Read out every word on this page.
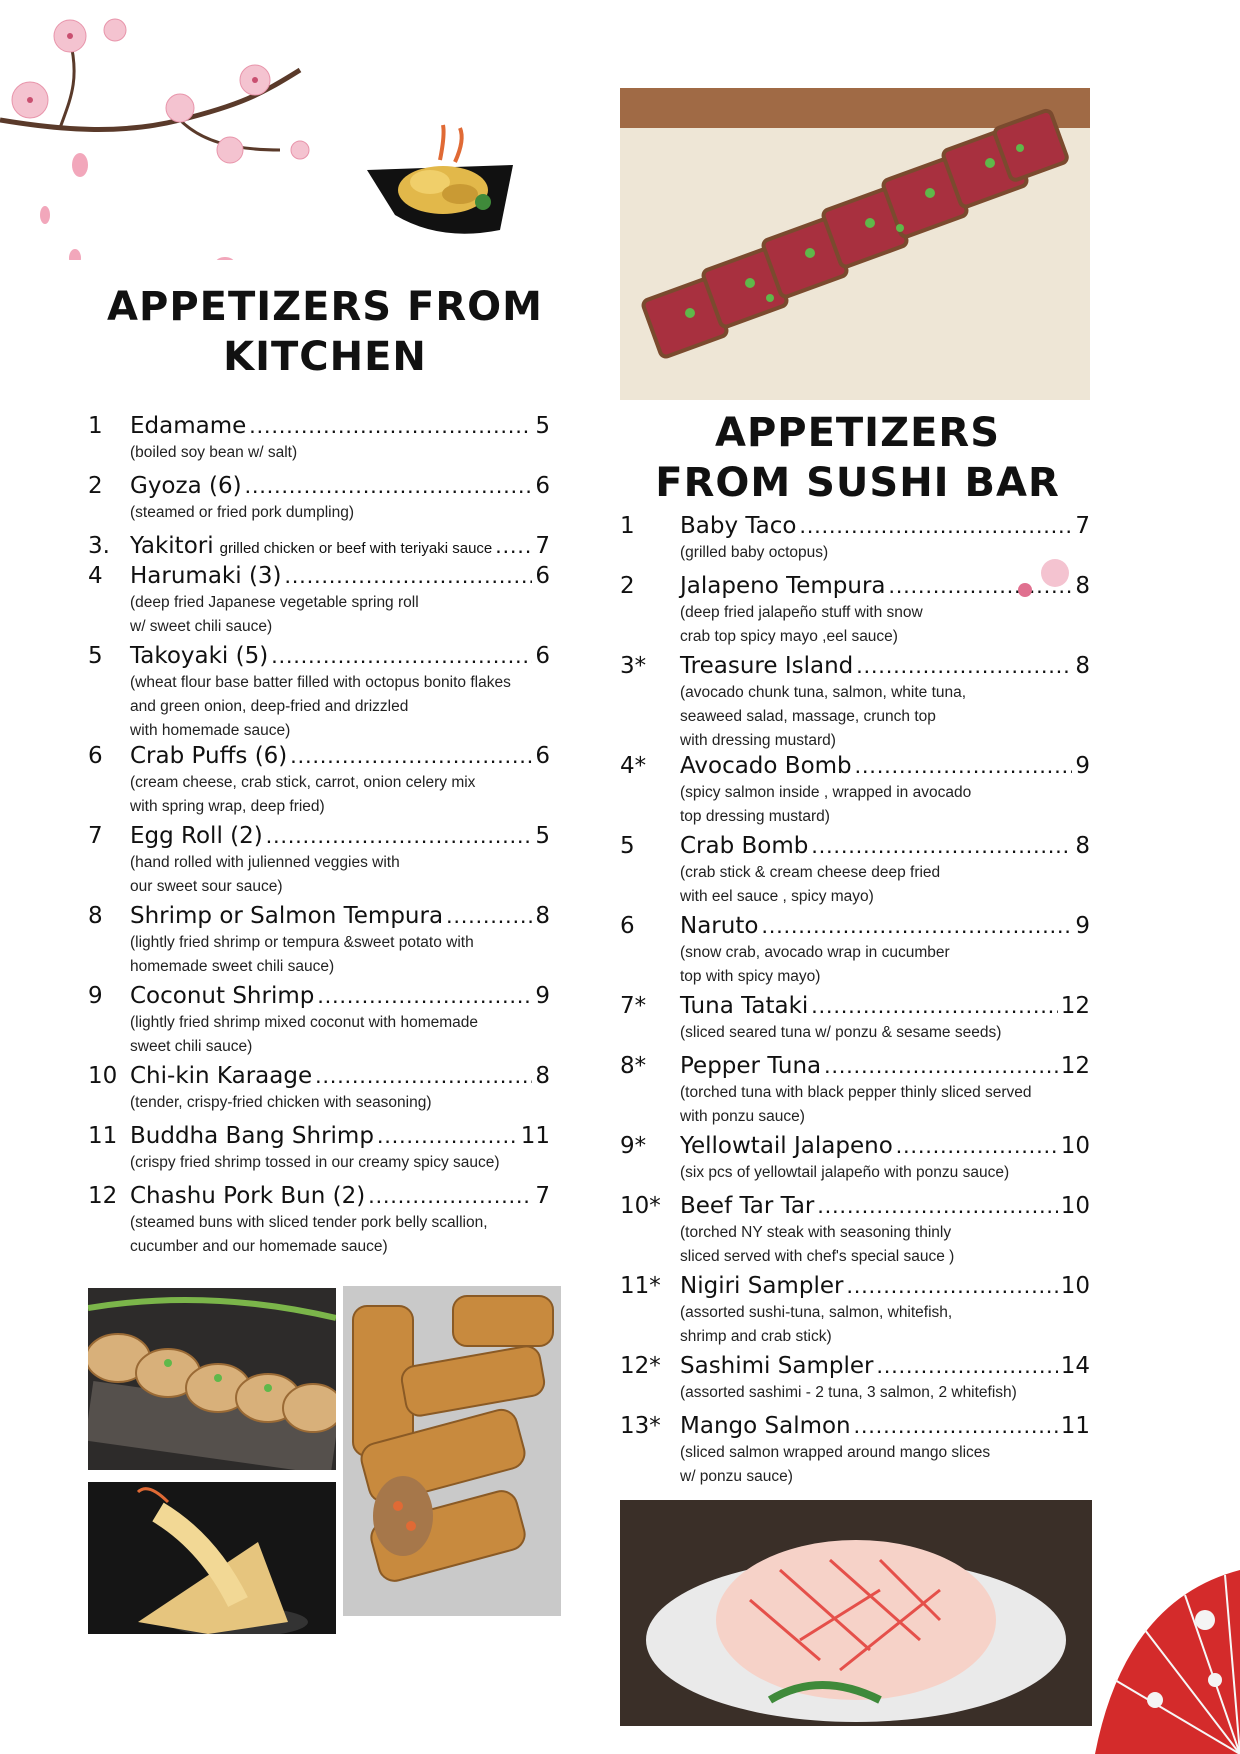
APPETIZERS FROM
KITCHEN
1	Edamame .....	5
(boiled soy bean w/ salt)
2	Gyoza (6) .....	6
(steamed or fried pork dumpling)
3. Yakitori grilled chicken or beef with teriyaki sauce ..... 7
4	Harumaki (3) .....	6
(deep fried Japanese vegetable spring roll
w/ sweet chili sauce)
5	Takoyaki (5) .....	6
(wheat flour base batter filled with octopus bonito flakes
and green onion, deep-fried and drizzled
with homemade sauce)
6	Crab Puffs (6) .....	6
(cream cheese, crab stick, carrot, onion celery mix
with spring wrap, deep fried)
7	Egg Roll (2) .....	5
(hand rolled with julienned veggies with
our sweet sour sauce)
8	Shrimp or Salmon Tempura .....	8
(lightly fried shrimp or tempura &sweet potato with
homemade sweet chili sauce)
9	Coconut Shrimp .....	9
(lightly fried shrimp mixed coconut with homemade
sweet chili sauce)
10 Chi-kin Karaage .....	8
(tender, crispy-fried chicken with seasoning)
11 Buddha Bang Shrimp .....	11
(crispy fried shrimp tossed in our creamy spicy sauce)
12 Chashu Pork Bun (2) .....	7
(steamed buns with sliced tender pork belly scallion,
cucumber and our homemade sauce)
APPETIZERS
FROM SUSHI BAR
1	Baby Taco .....	7
(grilled baby octopus)
2	Jalapeno Tempura .....	8
(deep fried jalapeño stuff with snow
crab top spicy mayo ,eel sauce)
3*	Treasure Island .....	8
(avocado chunk tuna, salmon, white tuna,
seaweed salad, massage, crunch top
with dressing mustard)
4*	Avocado Bomb .....	9
(spicy salmon inside , wrapped in avocado
top dressing mustard)
5	Crab Bomb .....	8
(crab stick & cream cheese deep fried
with eel sauce , spicy mayo)
6	Naruto .....	9
(snow crab, avocado wrap in cucumber
top with spicy mayo)
7*	Tuna Tataki .....	12
(sliced seared tuna w/ ponzu & sesame seeds)
8*	Pepper Tuna .....	12
(torched tuna with black pepper thinly sliced served
with ponzu sauce)
9*	Yellowtail Jalapeno .....	10
(six pcs of yellowtail jalapeño with ponzu sauce)
10* Beef Tar Tar .....	10
(torched NY steak with seasoning thinly
sliced served with chef's special sauce )
11* Nigiri Sampler .....	10
(assorted sushi-tuna, salmon, whitefish,
shrimp and crab stick)
12* Sashimi Sampler .....	14
(assorted sashimi - 2 tuna, 3 salmon, 2 whitefish)
13* Mango Salmon .....	11
(sliced salmon wrapped around mango slices
w/ ponzu sauce)
